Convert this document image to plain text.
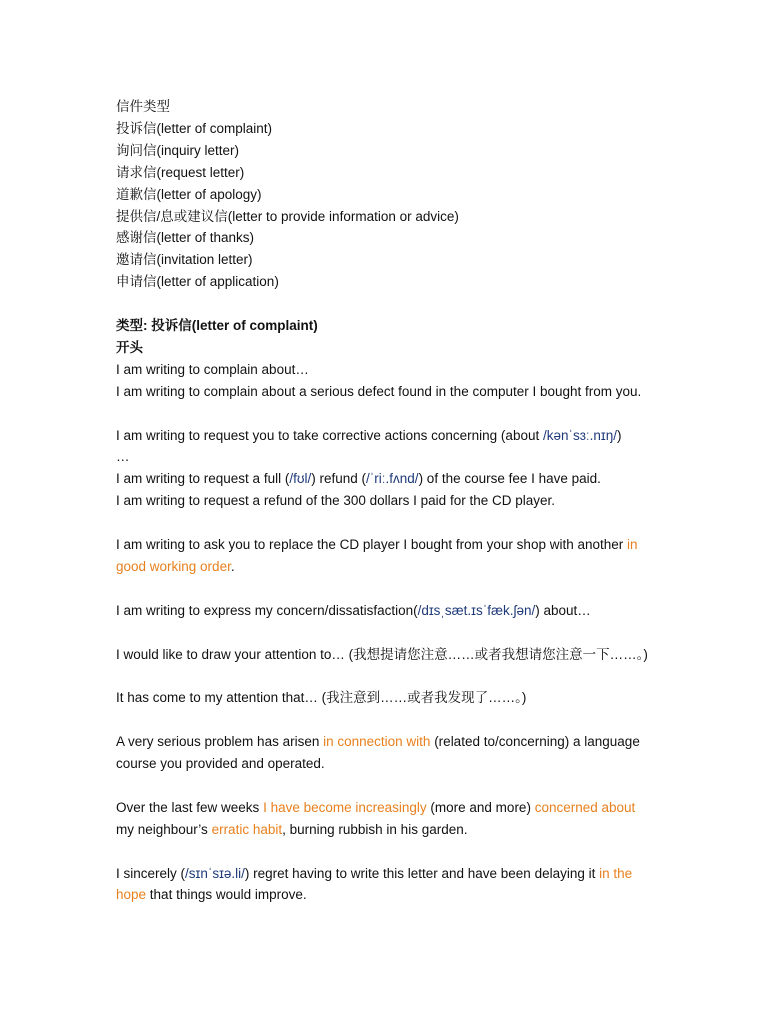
信件类型
投诉信(letter of complaint)
询问信(inquiry letter)
请求信(request letter)
道歉信(letter of apology)
提供信/息或建议信(letter to provide information or advice)
感谢信(letter of thanks)
邀请信(invitation letter)
申请信(letter of application)
类型: 投诉信(letter of complaint)
开头
I am writing to complain about…
I am writing to complain about a serious defect found in the computer I bought from you.
I am writing to request you to take corrective actions concerning (about /kənˈsɜː.nɪŋ/)
…
I am writing to request a full (/fʊl/) refund (/ˈriː.fʌnd/) of the course fee I have paid.
I am writing to request a refund of the 300 dollars I paid for the CD player.
I am writing to ask you to replace the CD player I bought from your shop with another in good working order.
I am writing to express my concern/dissatisfaction(/dɪsˌsæt.ɪsˈfæk.ʃən/) about…
I would like to draw your attention to… (我想提请您注意……或者我想请您注意一下……。)
It has come to my attention that… (我注意到……或者我发现了……。)
A very serious problem has arisen in connection with (related to/concerning) a language course you provided and operated.
Over the last few weeks I have become increasingly (more and more) concerned about my neighbour’s erratic habit, burning rubbish in his garden.
I sincerely (/sɪnˈsɪə.li/) regret having to write this letter and have been delaying it in the hope that things would improve.
